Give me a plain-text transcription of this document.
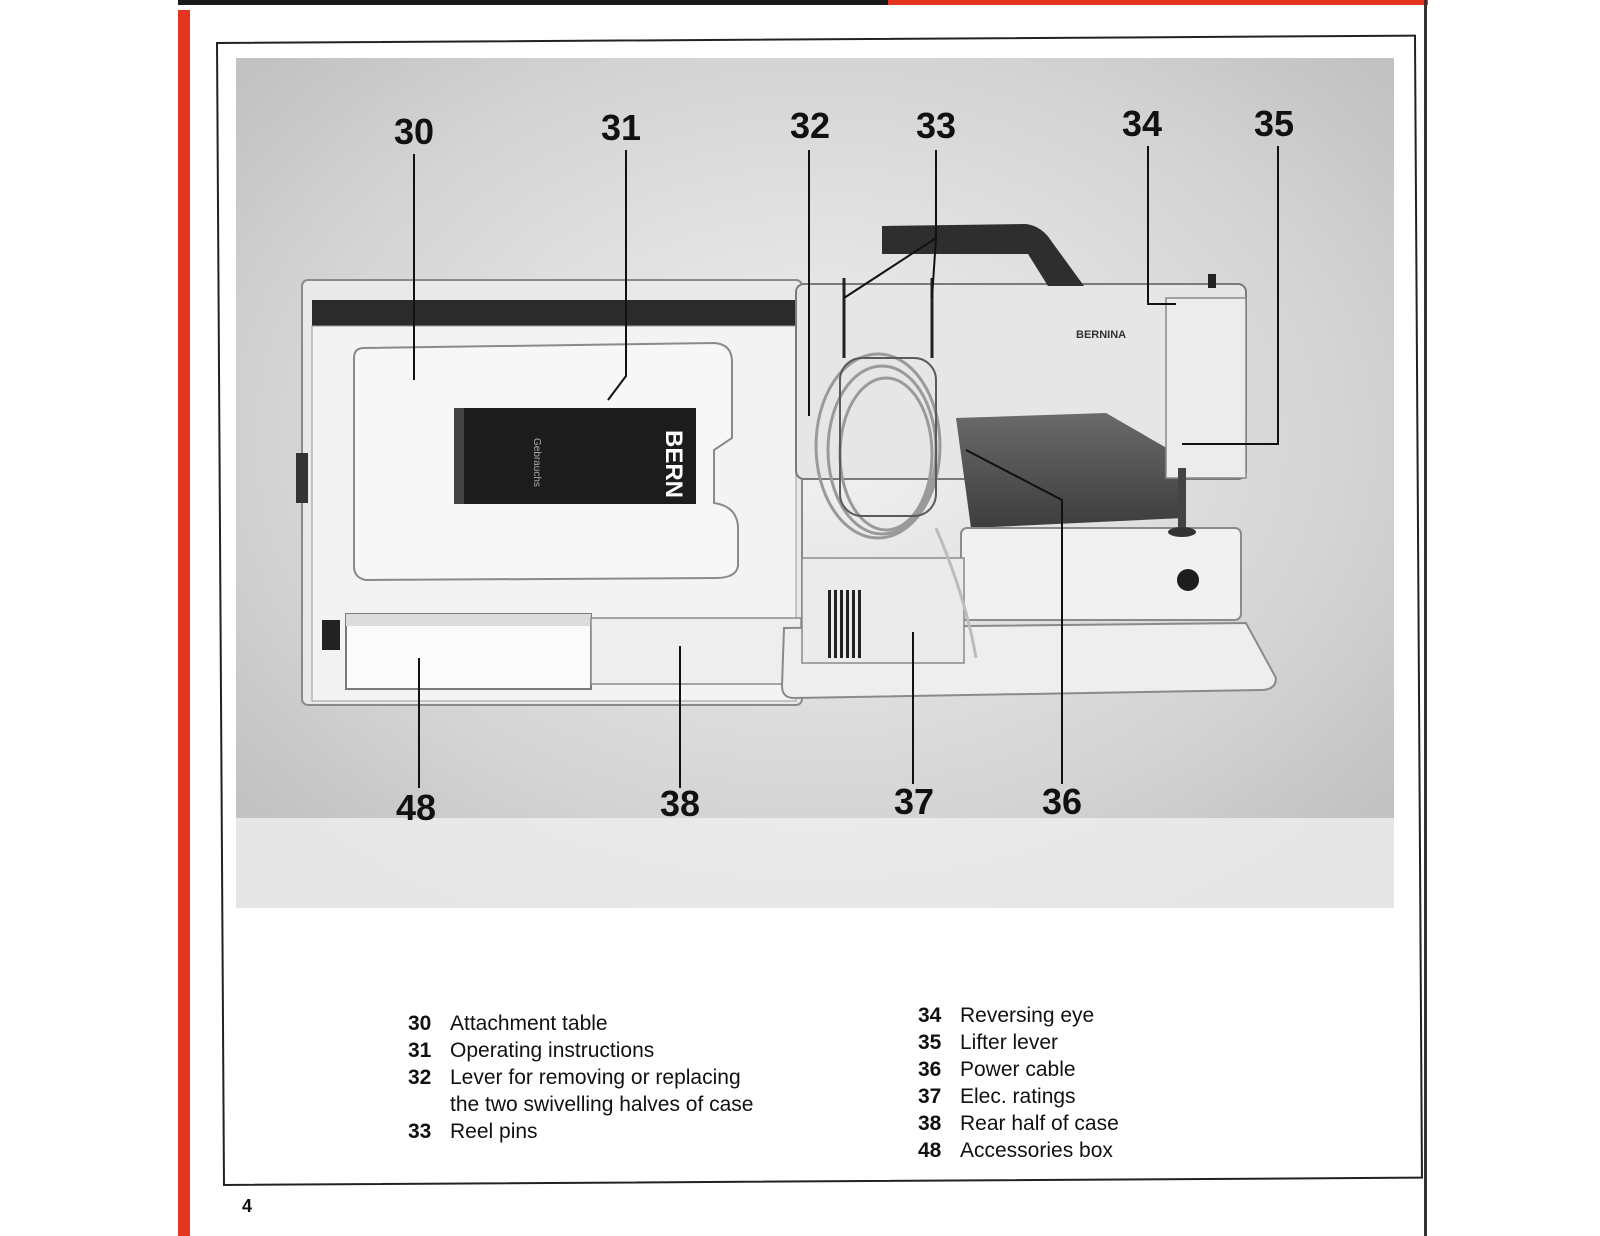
BERN
Gebrauchs
BERNINA
30	31	32 33	34	35
48	38	37	36
30 Attachment table
31 Operating instructions
32 Lever for removing or replacing
the two swivelling halves of case
33 Reel pins
34 Reversing eye
35 Lifter lever
36 Power cable
37 Elec. ratings
38 Rear half of case
48 Accessories box
4
